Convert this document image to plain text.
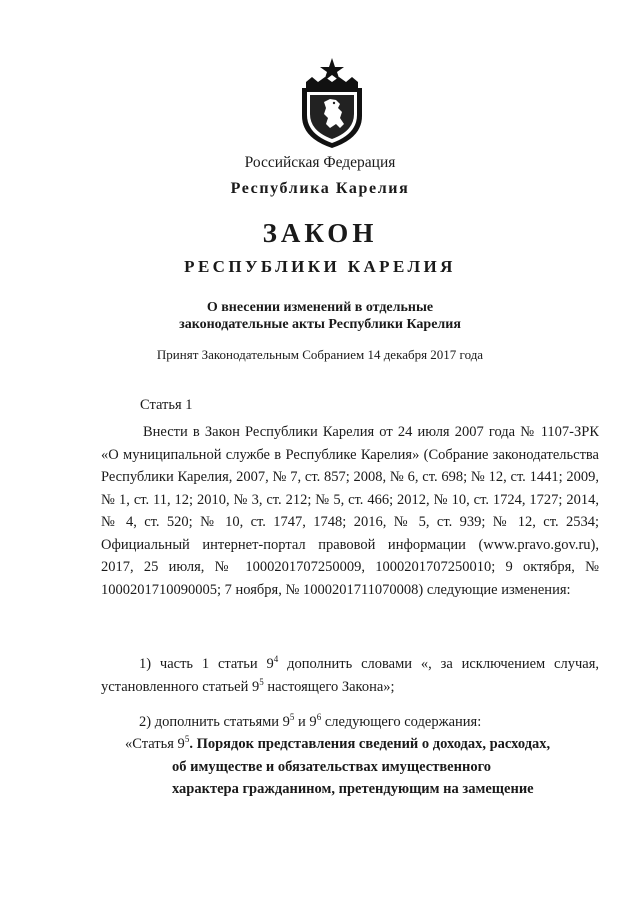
Российская Федерация
Республика Карелия
ЗАКОН
РЕСПУБЛИКИ КАРЕЛИЯ
О внесении изменений в отдельные
законодательные акты Республики Карелия
Принят Законодательным Собранием 14 декабря 2017 года
Статья 1
Внести в Закон Республики Карелия от 24 июля 2007 года № 1107-ЗРК «О муниципальной службе в Республике Карелия» (Собрание законодательства Республики Карелия, 2007, № 7, ст. 857; 2008, № 6, ст. 698; № 12, ст. 1441; 2009, № 1, ст. 11, 12; 2010, № 3, ст. 212; № 5, ст. 466; 2012, № 10, ст. 1724, 1727; 2014, № 4, ст. 520; № 10, ст. 1747, 1748; 2016, № 5, ст. 939; № 12, ст. 2534; Официальный интернет-портал правовой информации (www.pravo.gov.ru), 2017, 25 июля, № 1000201707250009, 1000201707250010; 9 октября, № 1000201710090005; 7 ноября, № 1000201711070008) следующие изменения:
1) часть 1 статьи $9^4$ дополнить словами «, за исключением случая, установленного статьей $9^5$ настоящего Закона»;
2) дополнить статьями $9^5$ и $9^6$ следующего содержания:
«Статья $9^5$. Порядок представления сведений о доходах, расходах,
об имуществе и обязательствах имущественного
характера гражданином, претендующим на замещение
